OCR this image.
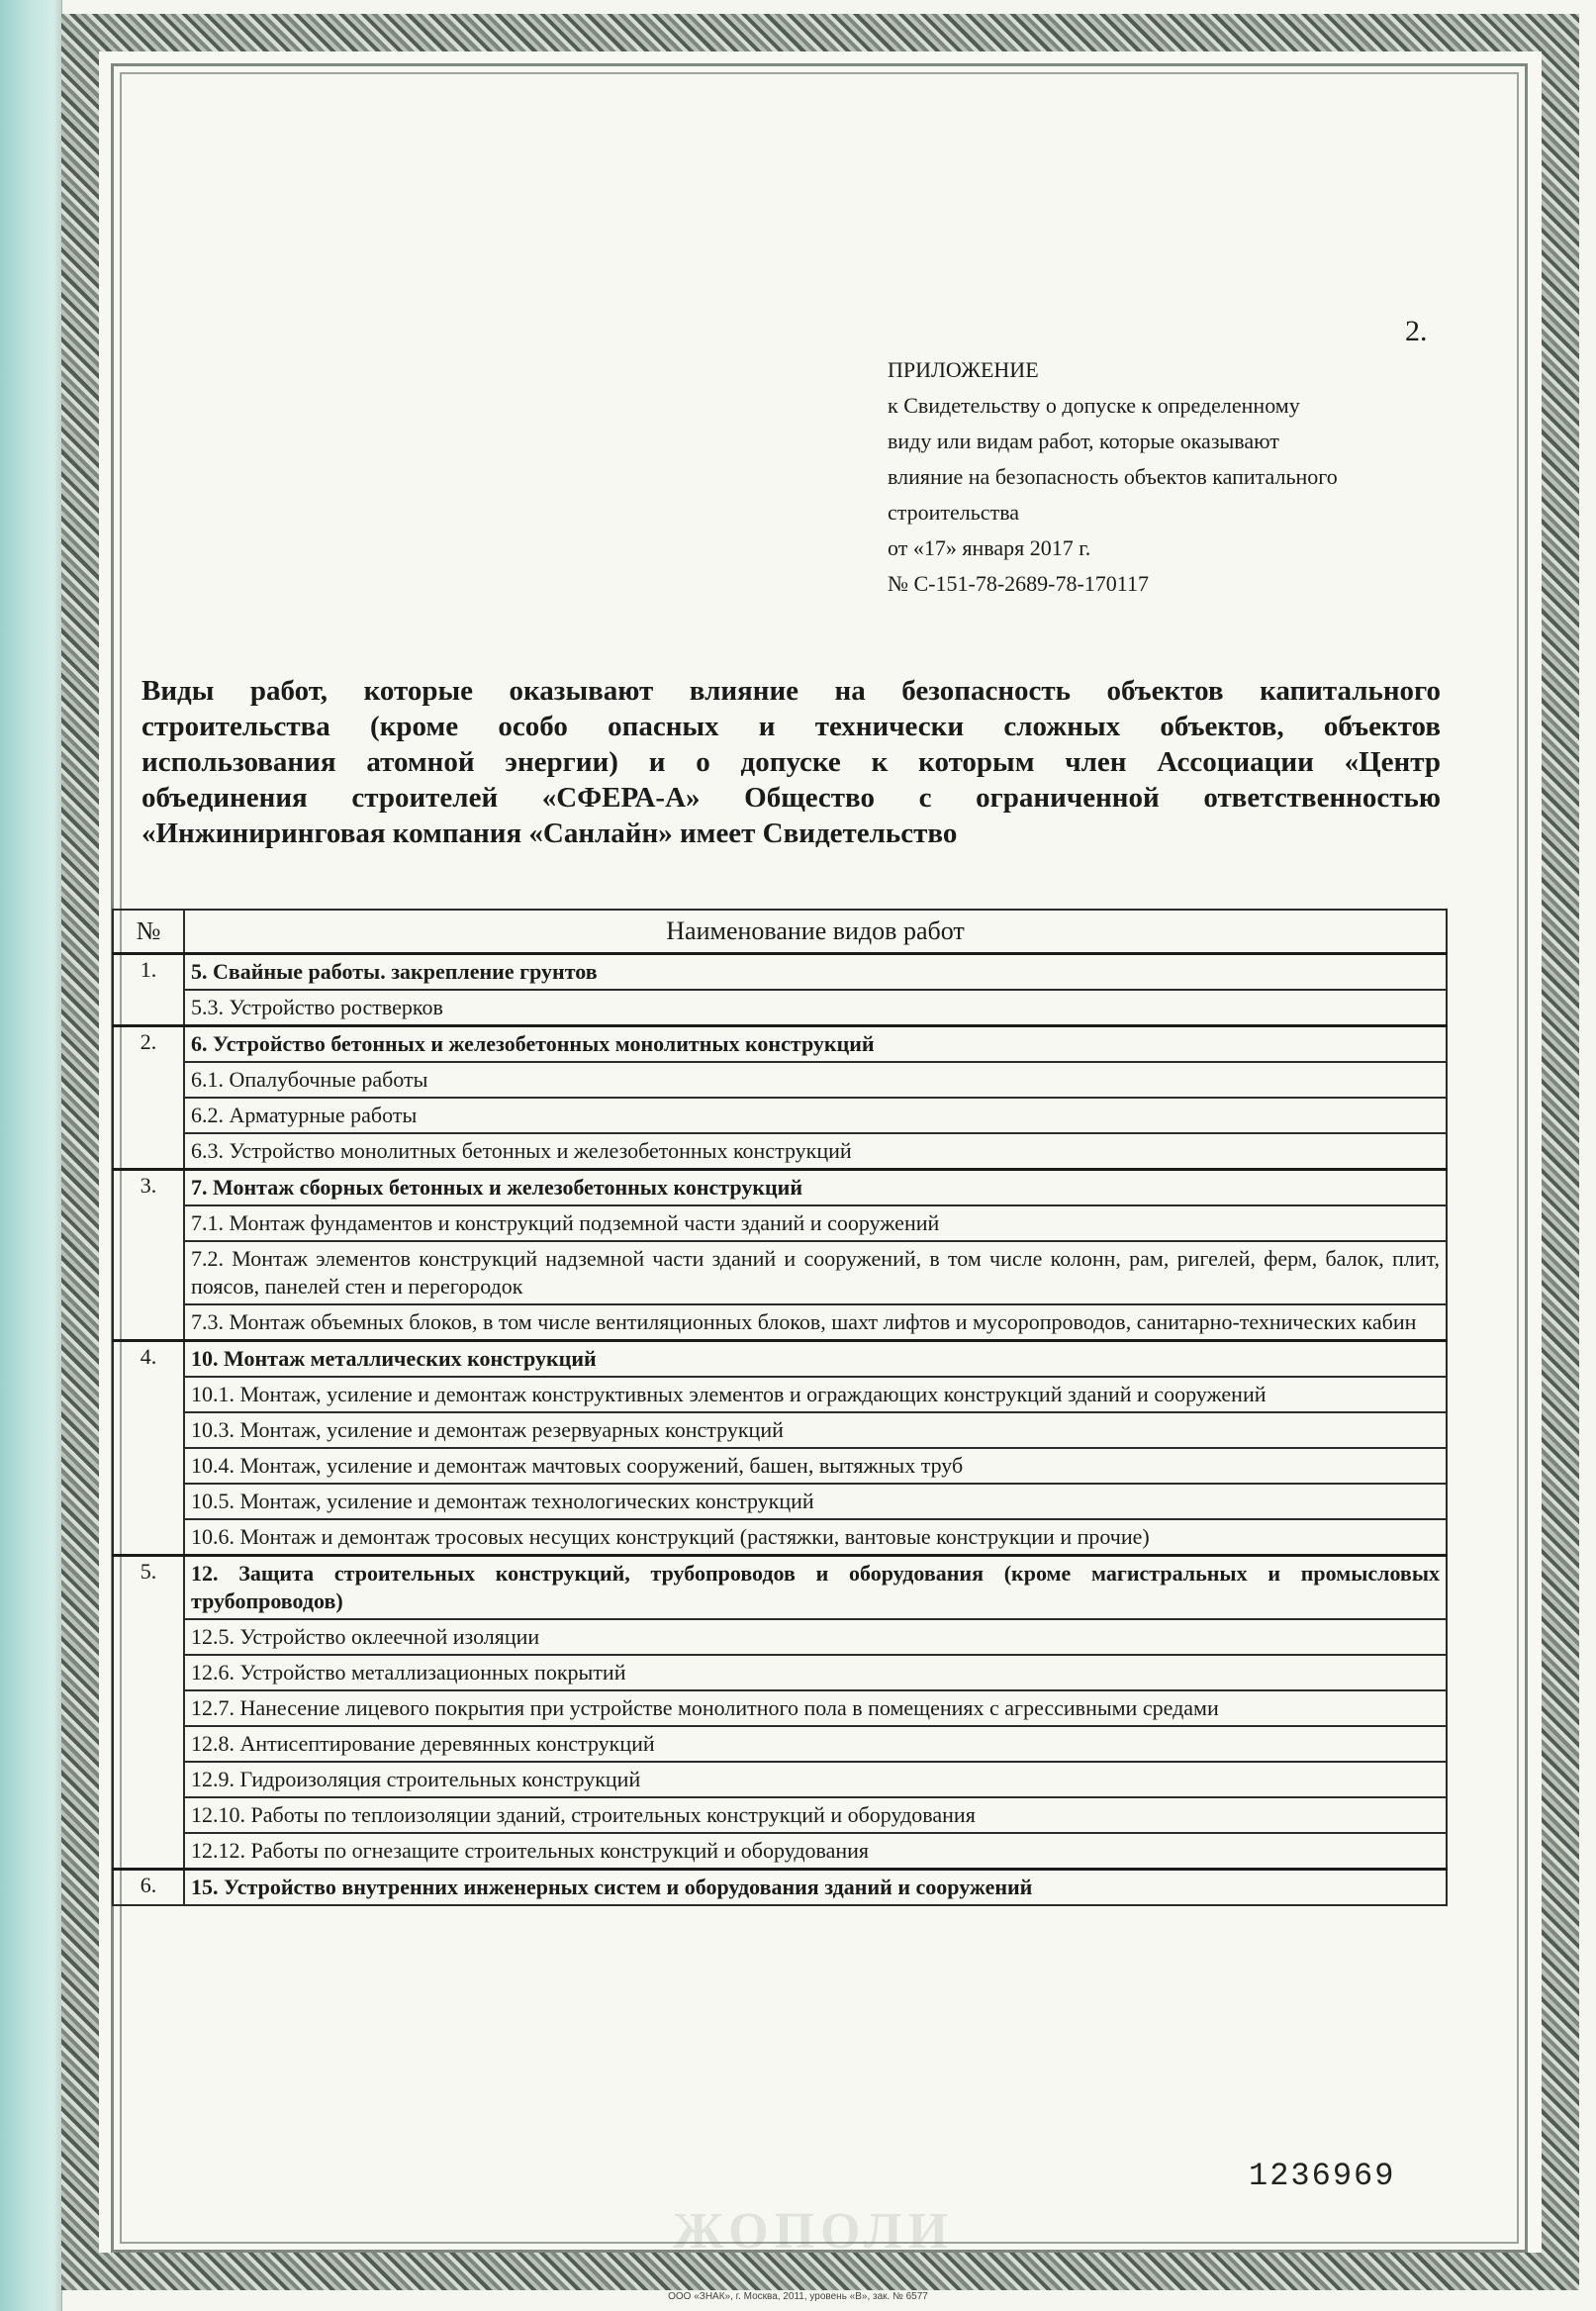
2.
ПРИЛОЖЕНИЕ
к Свидетельству о допуске к определенному
виду или видам работ, которые оказывают
влияние на безопасность объектов капитального
строительства
от «17» января 2017 г.
№ С-151-78-2689-78-170117
Виды работ, которые оказывают влияние на безопасность объектов капитального
строительства (кроме особо опасных и технически сложных объектов, объектов
использования атомной энергии) и о допуске к которым член Ассоциации «Центр
объединения строителей «СФЕРА-А» Общество с ограниченной ответственностью
«Инжиниринговая компания «Санлайн» имеет Свидетельство
№	Наименование видов работ
1.	5. Свайные работы. закрепление грунтов
	5.3. Устройство ростверков
2.	6. Устройство бетонных и железобетонных монолитных конструкций
	6.1. Опалубочные работы
	6.2. Арматурные работы
	6.3. Устройство монолитных бетонных и железобетонных конструкций
3.	7. Монтаж сборных бетонных и железобетонных конструкций
	7.1. Монтаж фундаментов и конструкций подземной части зданий и сооружений
	7.2. Монтаж элементов конструкций надземной части зданий и сооружений, в том числе колонн, рам, ригелей, ферм, балок, плит, поясов, панелей стен и перегородок
	7.3. Монтаж объемных блоков, в том числе вентиляционных блоков, шахт лифтов и мусоропроводов, санитарно-технических кабин
4.	10. Монтаж металлических конструкций
	10.1. Монтаж, усиление и демонтаж конструктивных элементов и ограждающих конструкций зданий и сооружений
	10.3. Монтаж, усиление и демонтаж резервуарных конструкций
	10.4. Монтаж, усиление и демонтаж мачтовых сооружений, башен, вытяжных труб
	10.5. Монтаж, усиление и демонтаж технологических конструкций
	10.6. Монтаж и демонтаж тросовых несущих конструкций (растяжки, вантовые конструкции и прочие)
5.	12. Защита строительных конструкций, трубопроводов и оборудования (кроме магистральных и промысловых трубопроводов)
	12.5. Устройство оклеечной изоляции
	12.6. Устройство металлизационных покрытий
	12.7. Нанесение лицевого покрытия при устройстве монолитного пола в помещениях с агрессивными средами
	12.8. Антисептирование деревянных конструкций
	12.9. Гидроизоляция строительных конструкций
	12.10. Работы по теплоизоляции зданий, строительных конструкций и оборудования
	12.12. Работы по огнезащите строительных конструкций и оборудования
6.	15. Устройство внутренних инженерных систем и оборудования зданий и сооружений
1236969
ЖОПОЛИ
ООО «ЗНАК», г. Москва, 2011, уровень «В», зак. № 6577
